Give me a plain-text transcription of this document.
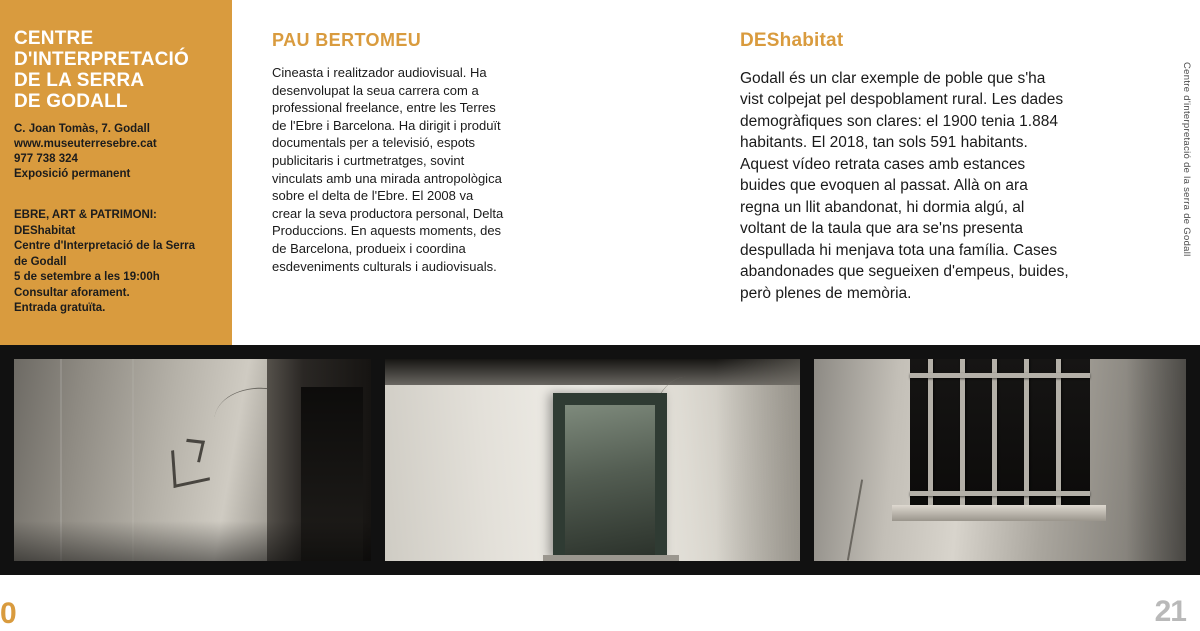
CENTRE
D'INTERPRETACIÓ
DE LA SERRA
DE GODALL
C. Joan Tomàs, 7. Godall
www.museuterresebre.cat
977 738 324
Exposició permanent
EBRE, ART & PATRIMONI:
DEShabitat
Centre d'Interpretació de la Serra
de Godall
5 de setembre a les 19:00h
Consultar aforament.
Entrada gratuïta.
PAU BERTOMEU

Cineasta i realitzador audiovisual. Ha desenvolupat la seua carrera com a professional freelance, entre les Terres de l'Ebre i Barcelona. Ha dirigit i produït documentals per a televisió, espots publicitaris i curtmetratges, sovint vinculats amb una mirada antropològica sobre el delta de l'Ebre. El 2008 va crear la seva productora personal, Delta Produccions. En aquests moments, des de Barcelona, produeix i coordina esdeveniments culturals i audiovisuals.

DEShabitat

Godall és un clar exemple de poble que s'ha vist colpejat pel despoblament rural. Les dades demogràfiques son clares: el 1900 tenia 1.884 habitants. El 2018, tan sols 591 habitants. Aquest vídeo retrata cases amb estances buides que evoquen al passat. Allà on ara regna un llit abandonat, hi dormia algú, al voltant de la taula que ara se'ns presenta despullada hi menjava tota una família. Cases abandonades que segueixen d'empeus, buides, però plenes de memòria.

Centre d'interpretació de la serra de Godall
0	21
